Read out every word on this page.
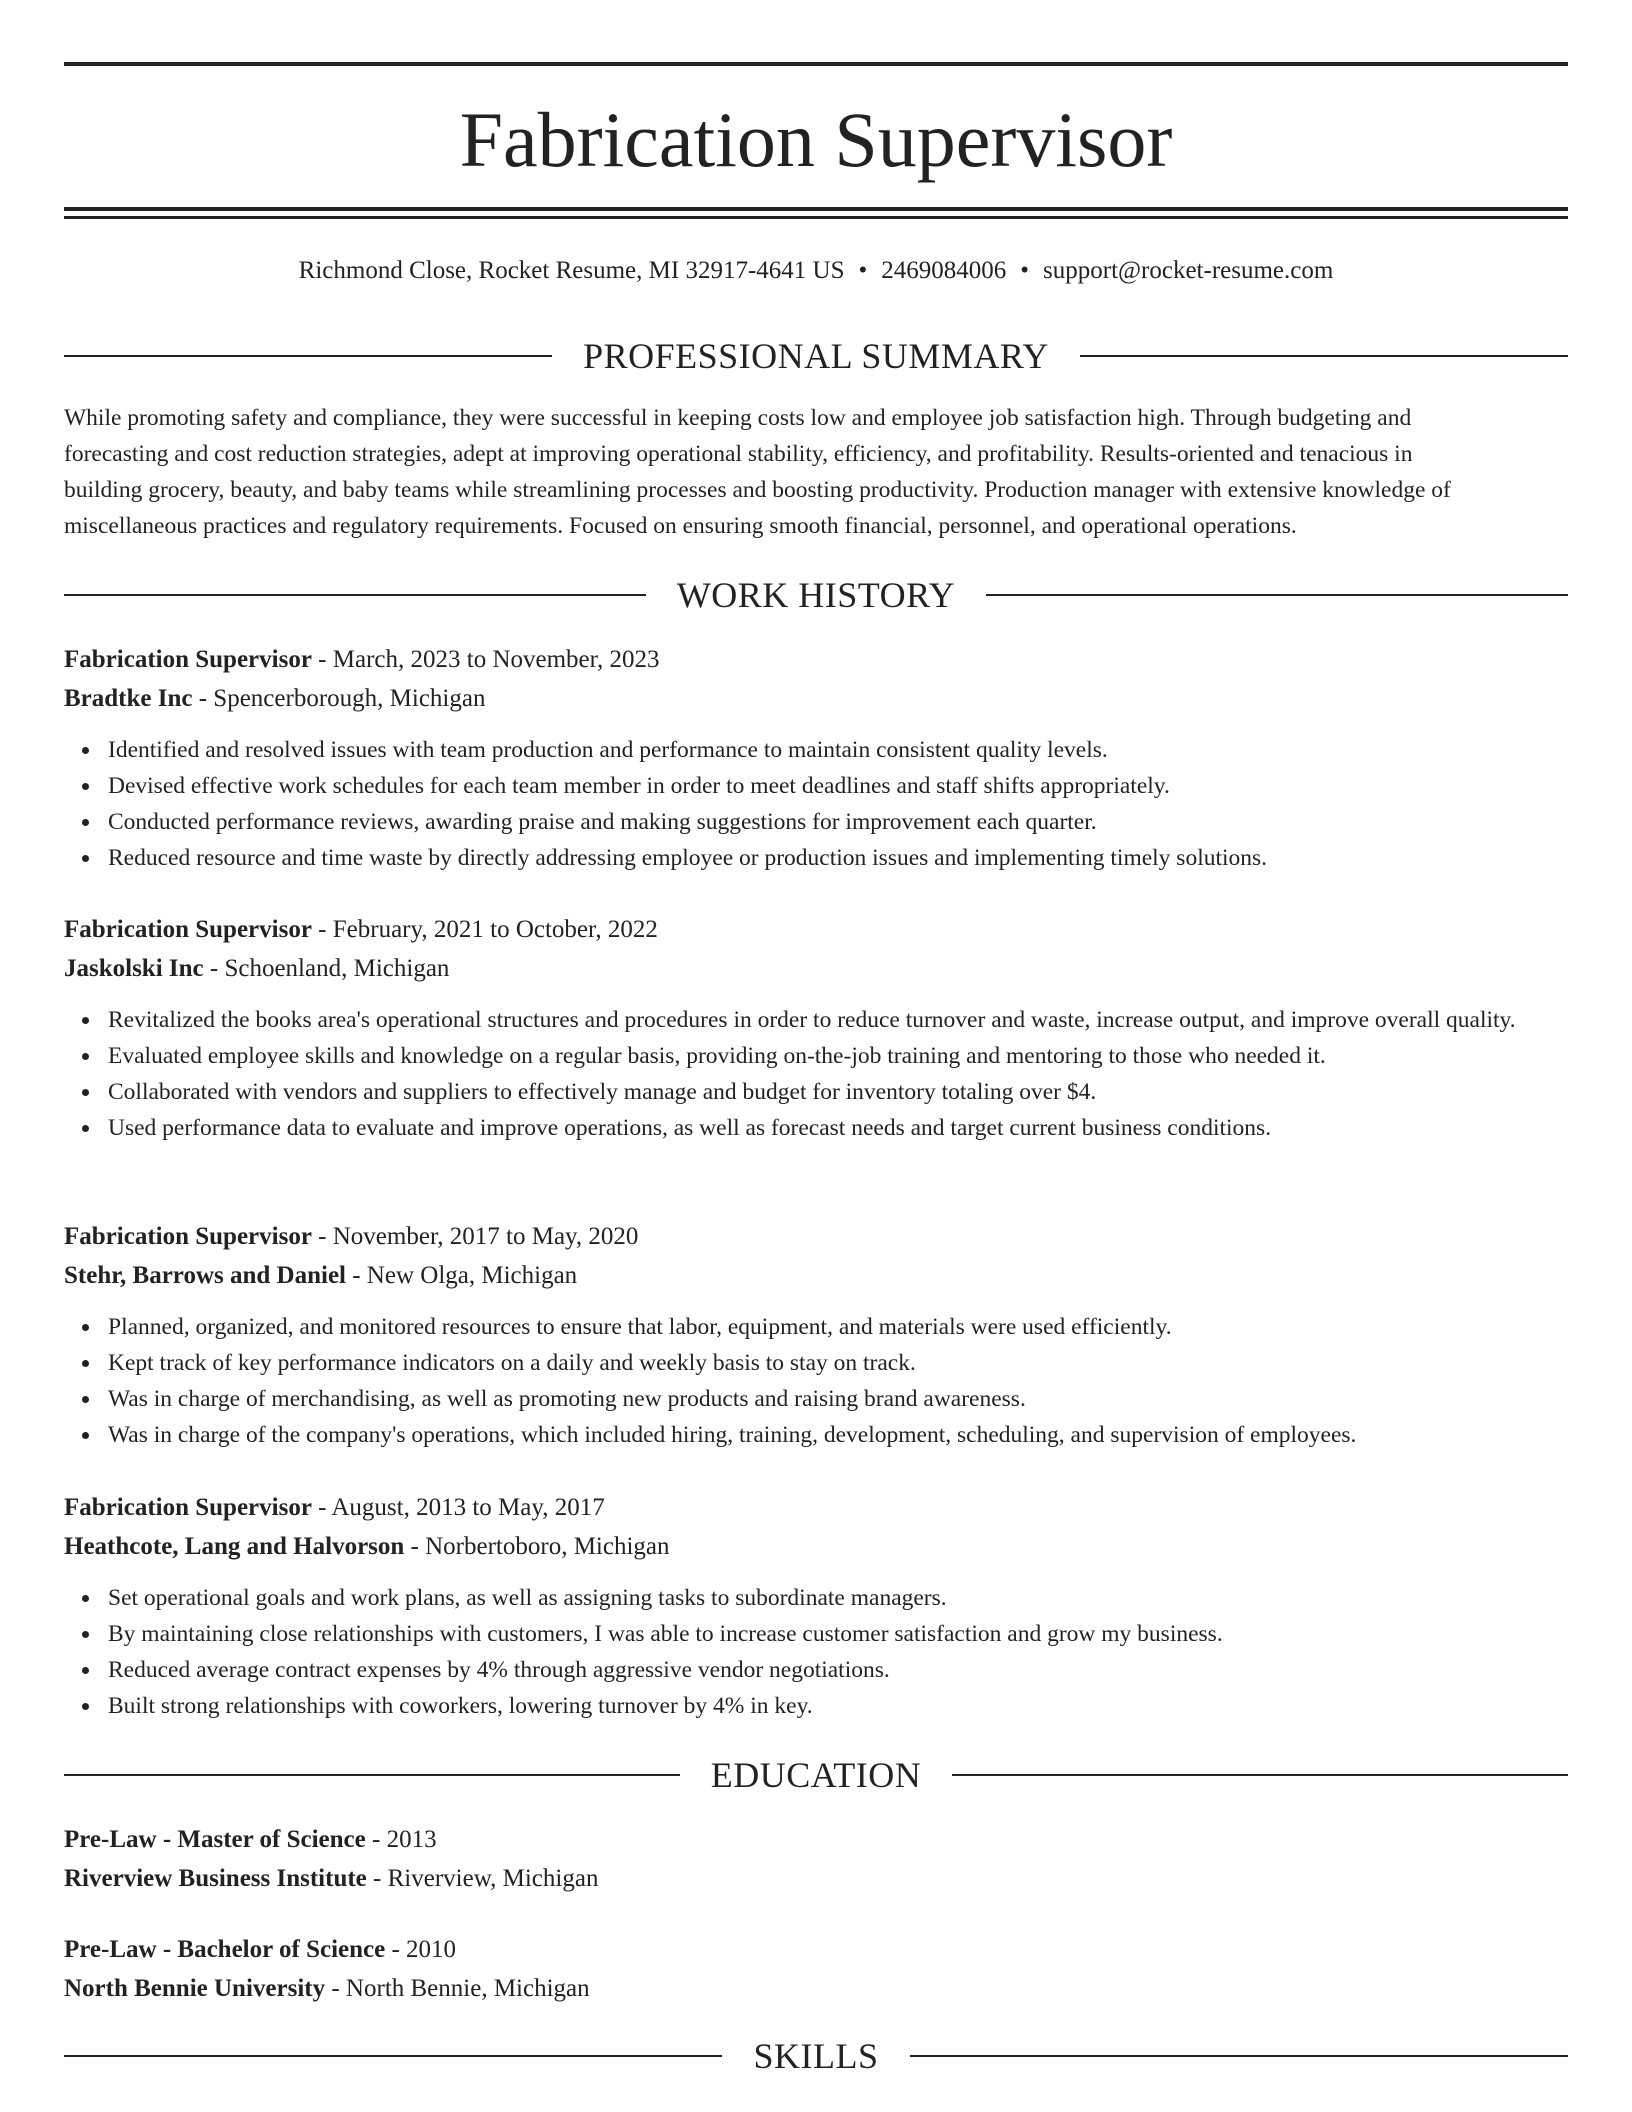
Fabrication Supervisor
Richmond Close, Rocket Resume, MI 32917-4641 US • 2469084006 • support@rocket-resume.com
PROFESSIONAL SUMMARY
While promoting safety and compliance, they were successful in keeping costs low and employee job satisfaction high. Through budgeting and
forecasting and cost reduction strategies, adept at improving operational stability, efficiency, and profitability. Results-oriented and tenacious in
building grocery, beauty, and baby teams while streamlining processes and boosting productivity. Production manager with extensive knowledge of
miscellaneous practices and regulatory requirements. Focused on ensuring smooth financial, personnel, and operational operations.
WORK HISTORY
Fabrication Supervisor - March, 2023 to November, 2023
Bradtke Inc - Spencerborough, Michigan
Identified and resolved issues with team production and performance to maintain consistent quality levels.
Devised effective work schedules for each team member in order to meet deadlines and staff shifts appropriately.
Conducted performance reviews, awarding praise and making suggestions for improvement each quarter.
Reduced resource and time waste by directly addressing employee or production issues and implementing timely solutions.
Fabrication Supervisor - February, 2021 to October, 2022
Jaskolski Inc - Schoenland, Michigan
Revitalized the books area's operational structures and procedures in order to reduce turnover and waste, increase output, and improve overall quality.
Evaluated employee skills and knowledge on a regular basis, providing on-the-job training and mentoring to those who needed it.
Collaborated with vendors and suppliers to effectively manage and budget for inventory totaling over $4.
Used performance data to evaluate and improve operations, as well as forecast needs and target current business conditions.
Fabrication Supervisor - November, 2017 to May, 2020
Stehr, Barrows and Daniel - New Olga, Michigan
Planned, organized, and monitored resources to ensure that labor, equipment, and materials were used efficiently.
Kept track of key performance indicators on a daily and weekly basis to stay on track.
Was in charge of merchandising, as well as promoting new products and raising brand awareness.
Was in charge of the company's operations, which included hiring, training, development, scheduling, and supervision of employees.
Fabrication Supervisor - August, 2013 to May, 2017
Heathcote, Lang and Halvorson - Norbertoboro, Michigan
Set operational goals and work plans, as well as assigning tasks to subordinate managers.
By maintaining close relationships with customers, I was able to increase customer satisfaction and grow my business.
Reduced average contract expenses by 4% through aggressive vendor negotiations.
Built strong relationships with coworkers, lowering turnover by 4% in key.
EDUCATION
Pre-Law - Master of Science - 2013
Riverview Business Institute - Riverview, Michigan
Pre-Law - Bachelor of Science - 2010
North Bennie University - North Bennie, Michigan
SKILLS
